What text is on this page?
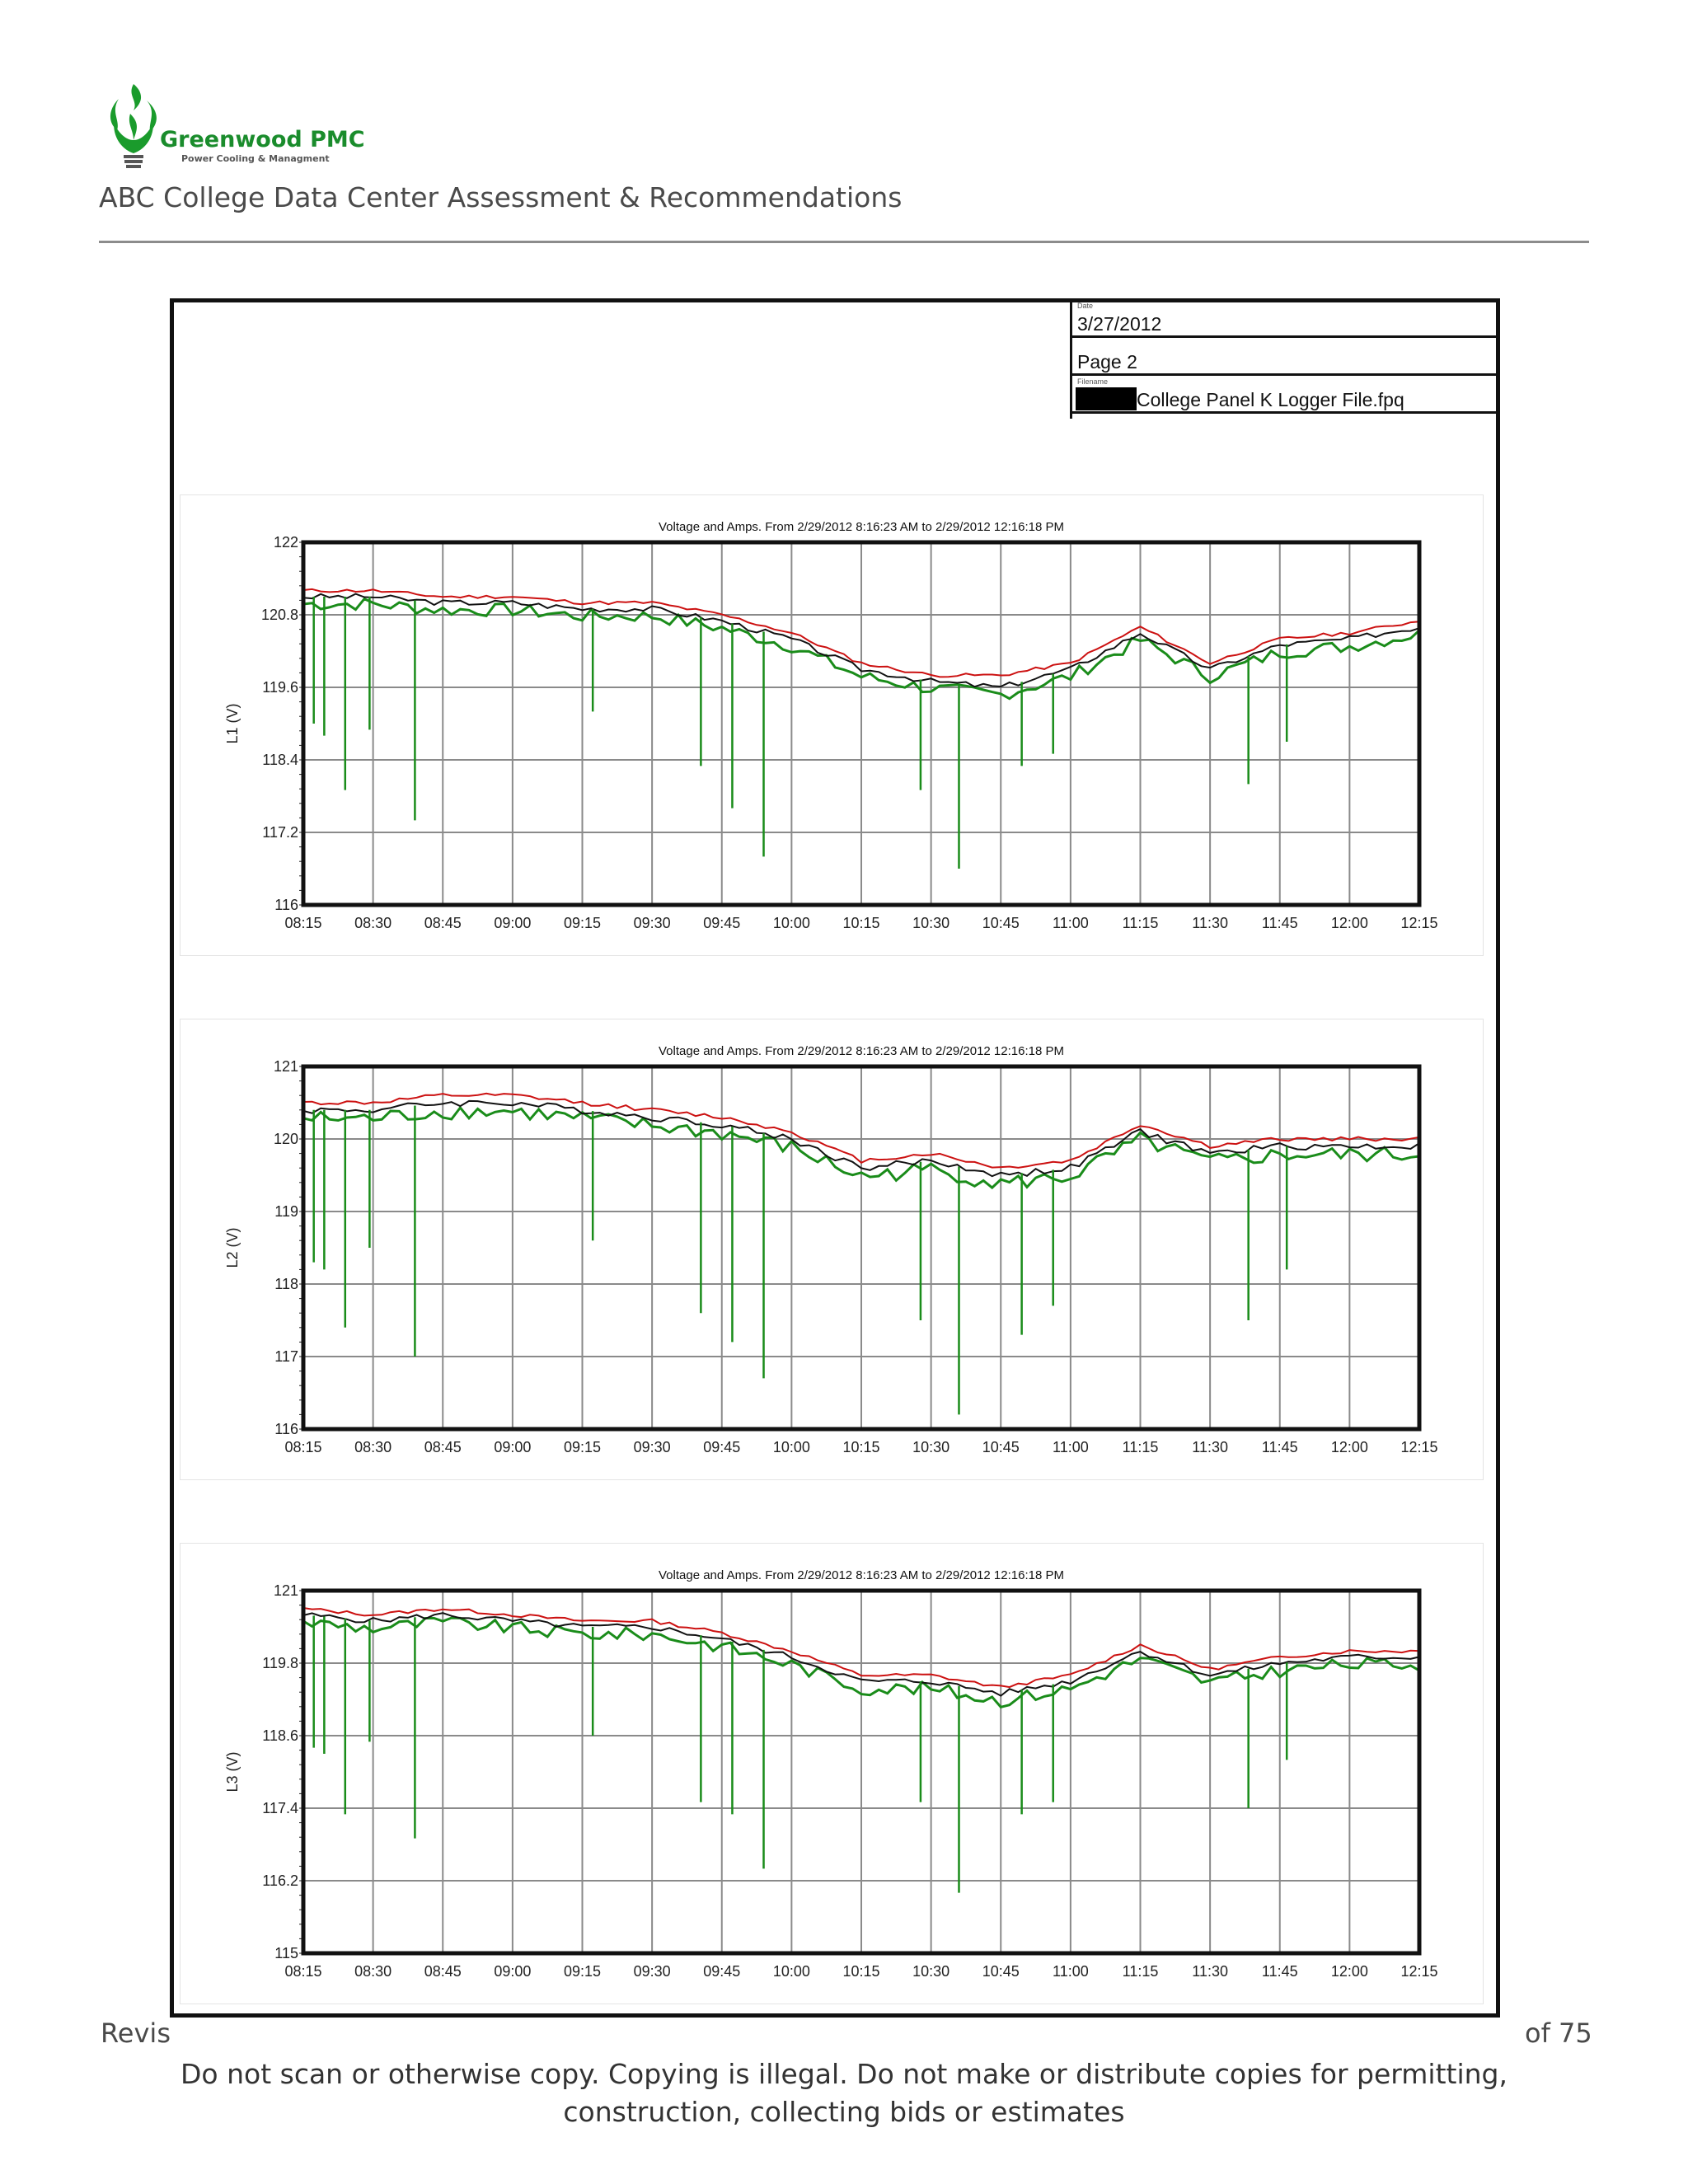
Greenwood PMC
Power Cooling & Managment
ABC College Data Center Assessment & Recommendations
Date
3/27/2012
Page 2
Filename
College Panel K Logger File.fpq
Voltage and Amps. From 2/29/2012 8:16:23 AM to 2/29/2012 12:16:18 PM
122
120.8
119.6
118.4
117.2
116
08:15 08:30 08:45 09:00 09:15 09:30 09:45 10:00 10:15 10:30 10:45 11:00 11:15 11:30 11:45 12:00 12:15
L1 (V)
Voltage and Amps. From 2/29/2012 8:16:23 AM to 2/29/2012 12:16:18 PM
121
120
119
118
117
116
08:15 08:30 08:45 09:00 09:15 09:30 09:45 10:00 10:15 10:30 10:45 11:00 11:15 11:30 11:45 12:00 12:15
L2 (V)
Voltage and Amps. From 2/29/2012 8:16:23 AM to 2/29/2012 12:16:18 PM
121
119.8
118.6
117.4
116.2
115
08:15 08:30 08:45 09:00 09:15 09:30 09:45 10:00 10:15 10:30 10:45 11:00 11:15 11:30 11:45 12:00 12:15
L3 (V)
Revis	of 75
Do not scan or otherwise copy. Copying is illegal. Do not make or distribute copies for permitting, construction, collecting bids or estimates
